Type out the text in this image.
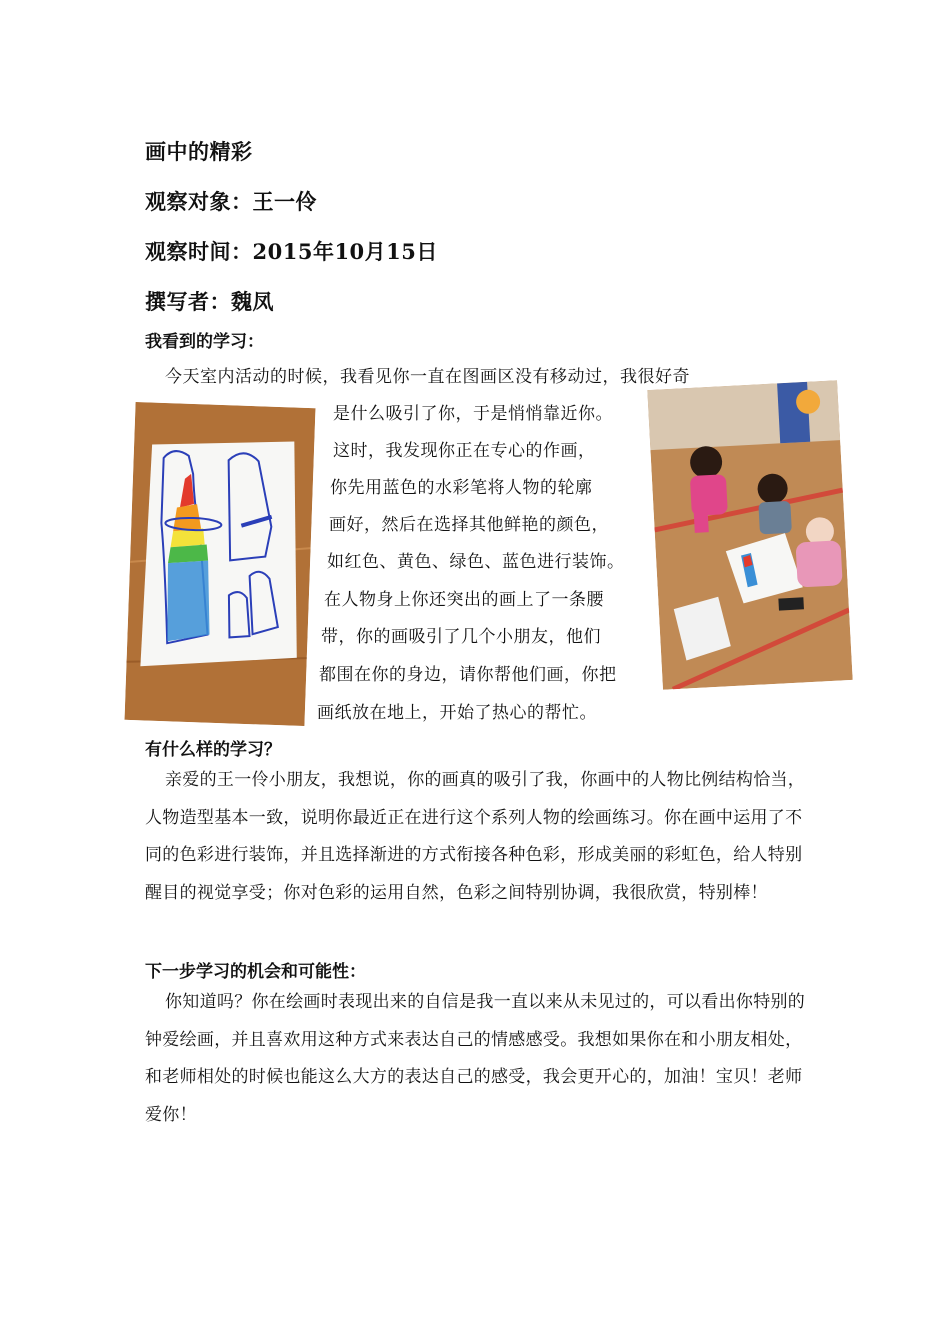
画中的精彩
观察对象：王一伶
观察时间：2015年10月15日
撰写者：魏凤
我看到的学习：
今天室内活动的时候，我看见你一直在图画区没有移动过，我很好奇
是什么吸引了你，于是悄悄靠近你。
这时，我发现你正在专心的作画，
你先用蓝色的水彩笔将人物的轮廓
画好，然后在选择其他鲜艳的颜色，
如红色、黄色、绿色、蓝色进行装饰。
在人物身上你还突出的画上了一条腰
带，你的画吸引了几个小朋友，他们
都围在你的身边，请你帮他们画，你把
画纸放在地上，开始了热心的帮忙。
有什么样的学习？
亲爱的王一伶小朋友，我想说，你的画真的吸引了我，你画中的人物比例结构恰当，人物造型基本一致，说明你最近正在进行这个系列人物的绘画练习。你在画中运用了不同的色彩进行装饰，并且选择渐进的方式衔接各种色彩，形成美丽的彩虹色，给人特别醒目的视觉享受；你对色彩的运用自然，色彩之间特别协调，我很欣赏，特别棒！
下一步学习的机会和可能性：
你知道吗？你在绘画时表现出来的自信是我一直以来从未见过的，可以看出你特别的钟爱绘画，并且喜欢用这种方式来表达自己的情感感受。我想如果你在和小朋友相处，和老师相处的时候也能这么大方的表达自己的感受，我会更开心的，加油！宝贝！老师爱你！
